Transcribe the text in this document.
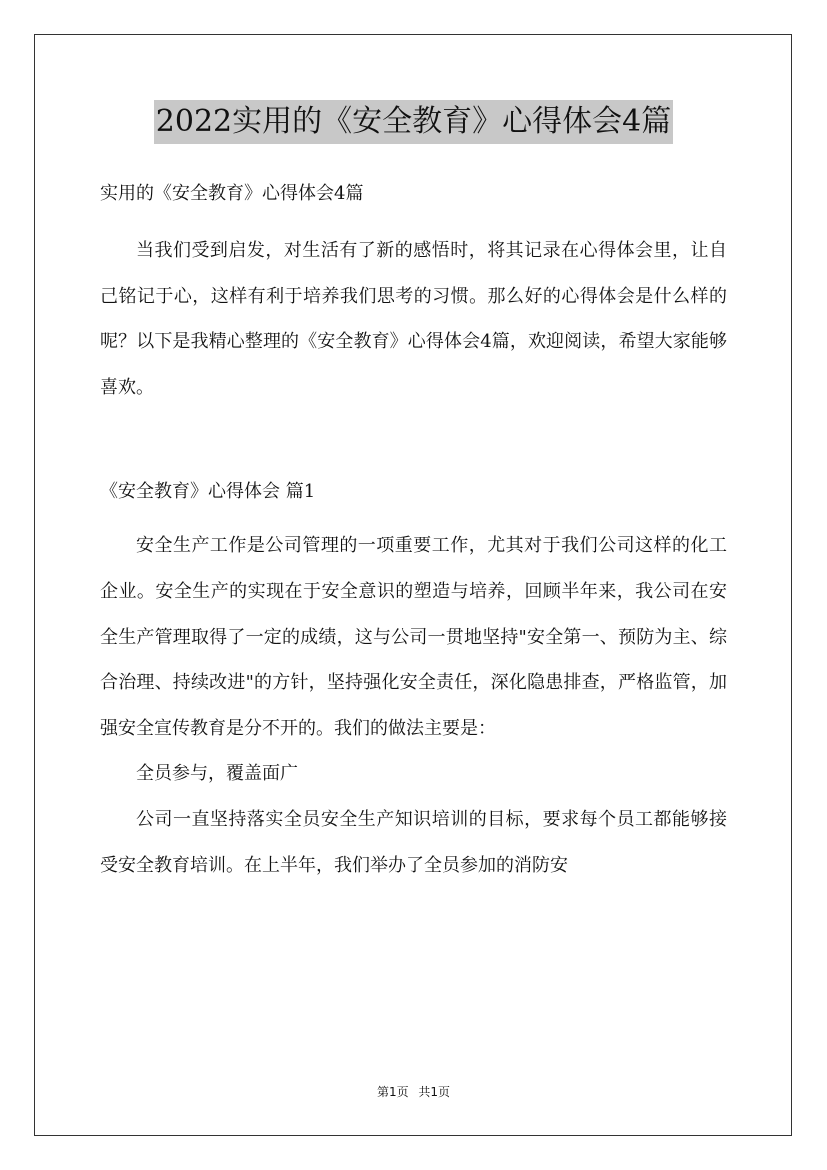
2022实用的《安全教育》心得体会4篇

实用的《安全教育》心得体会4篇

当我们受到启发，对生活有了新的感悟时，将其记录在心得体会里，让自己铭记于心，这样有利于培养我们思考的习惯。那么好的心得体会是什么样的呢？以下是我精心整理的《安全教育》心得体会4篇，欢迎阅读，希望大家能够喜欢。

《安全教育》心得体会 篇1

安全生产工作是公司管理的一项重要工作，尤其对于我们公司这样的化工企业。安全生产的实现在于安全意识的塑造与培养，回顾半年来，我公司在安全生产管理取得了一定的成绩，这与公司一贯地坚持"安全第一、预防为主、综合治理、持续改进"的方针，坚持强化安全责任，深化隐患排查，严格监管，加强安全宣传教育是分不开的。我们的做法主要是：

全员参与，覆盖面广

公司一直坚持落实全员安全生产知识培训的目标，要求每个员工都能够接受安全教育培训。在上半年，我们举办了全员参加的消防安

第1页 共1页
